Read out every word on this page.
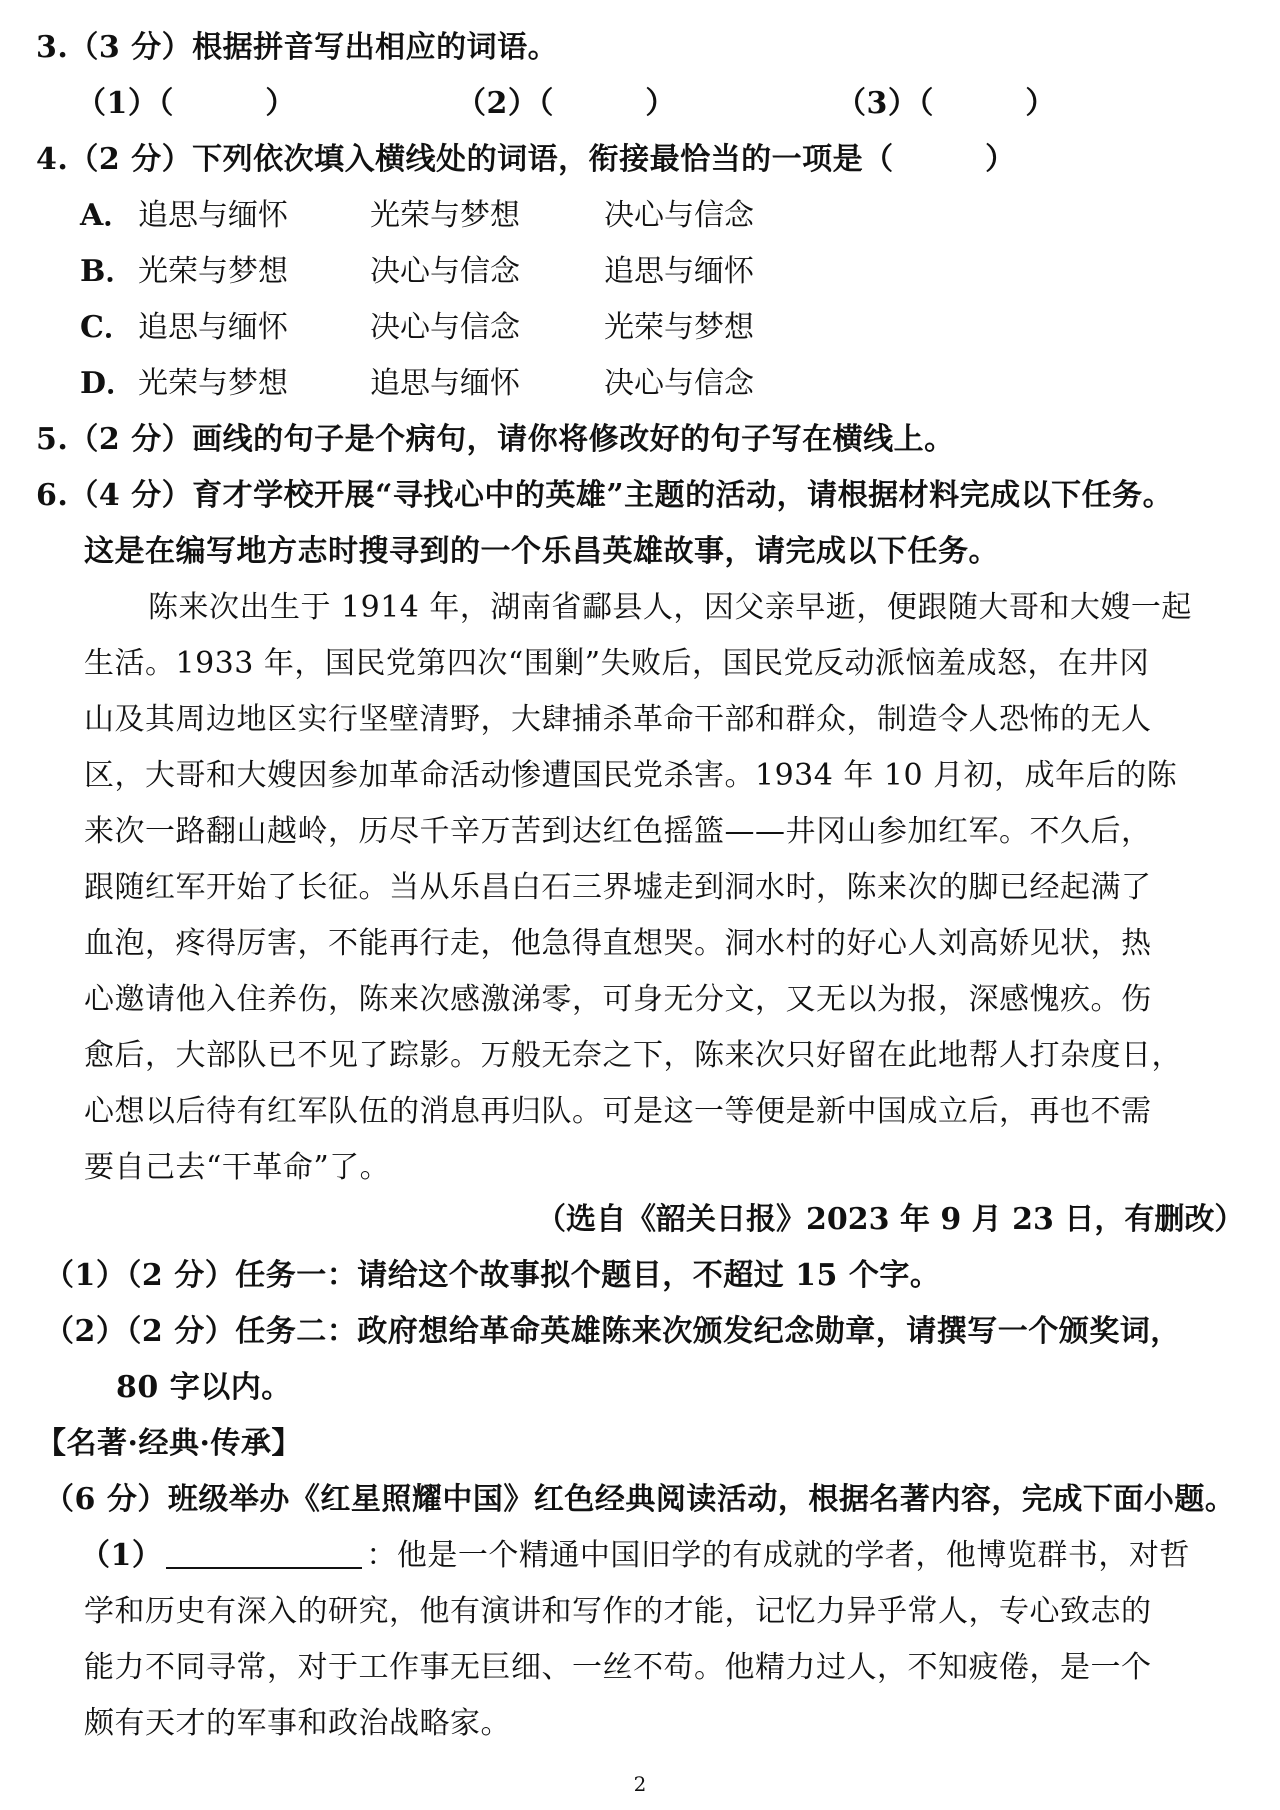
3.（3 分）根据拼音写出相应的词语。
（1）（　　　）	（2）（　　　）	（3）（　　　）
4.（2 分）下列依次填入横线处的词语，衔接最恰当的一项是（　　　）
A． 追思与缅怀	光荣与梦想	决心与信念
B． 光荣与梦想	决心与信念	追思与缅怀
C． 追思与缅怀	决心与信念	光荣与梦想
D． 光荣与梦想	追思与缅怀	决心与信念
5.（2 分）画线的句子是个病句，请你将修改好的句子写在横线上。
6.（4 分）育才学校开展“寻找心中的英雄”主题的活动，请根据材料完成以下任务。
这是在编写地方志时搜寻到的一个乐昌英雄故事，请完成以下任务。
陈来次出生于 1914 年，湖南省酃县人，因父亲早逝，便跟随大哥和大嫂一起
生活。1933 年，国民党第四次“围剿”失败后，国民党反动派恼羞成怒，在井冈
山及其周边地区实行坚壁清野，大肆捕杀革命干部和群众，制造令人恐怖的无人
区，大哥和大嫂因参加革命活动惨遭国民党杀害。1934 年 10 月初，成年后的陈
来次一路翻山越岭，历尽千辛万苦到达红色摇篮——井冈山参加红军。不久后，
跟随红军开始了长征。当从乐昌白石三界墟走到洞水时，陈来次的脚已经起满了
血泡，疼得厉害，不能再行走，他急得直想哭。洞水村的好心人刘高娇见状，热
心邀请他入住养伤，陈来次感激涕零，可身无分文，又无以为报，深感愧疚。伤
愈后，大部队已不见了踪影。万般无奈之下，陈来次只好留在此地帮人打杂度日，
心想以后待有红军队伍的消息再归队。可是这一等便是新中国成立后，再也不需
要自己去“干革命”了。
（选自《韶关日报》2023 年 9 月 23 日，有删改）
（1）（2 分）任务一：请给这个故事拟个题目，不超过 15 个字。
（2）（2 分）任务二：政府想给革命英雄陈来次颁发纪念勋章，请撰写一个颁奖词，
80 字以内。
【名著·经典·传承】
（6 分）班级举办《红星照耀中国》红色经典阅读活动，根据名著内容，完成下面小题。
（1）	：他是一个精通中国旧学的有成就的学者，他博览群书，对哲
学和历史有深入的研究，他有演讲和写作的才能，记忆力异乎常人，专心致志的
能力不同寻常，对于工作事无巨细、一丝不苟。他精力过人，不知疲倦，是一个
颇有天才的军事和政治战略家。
2
